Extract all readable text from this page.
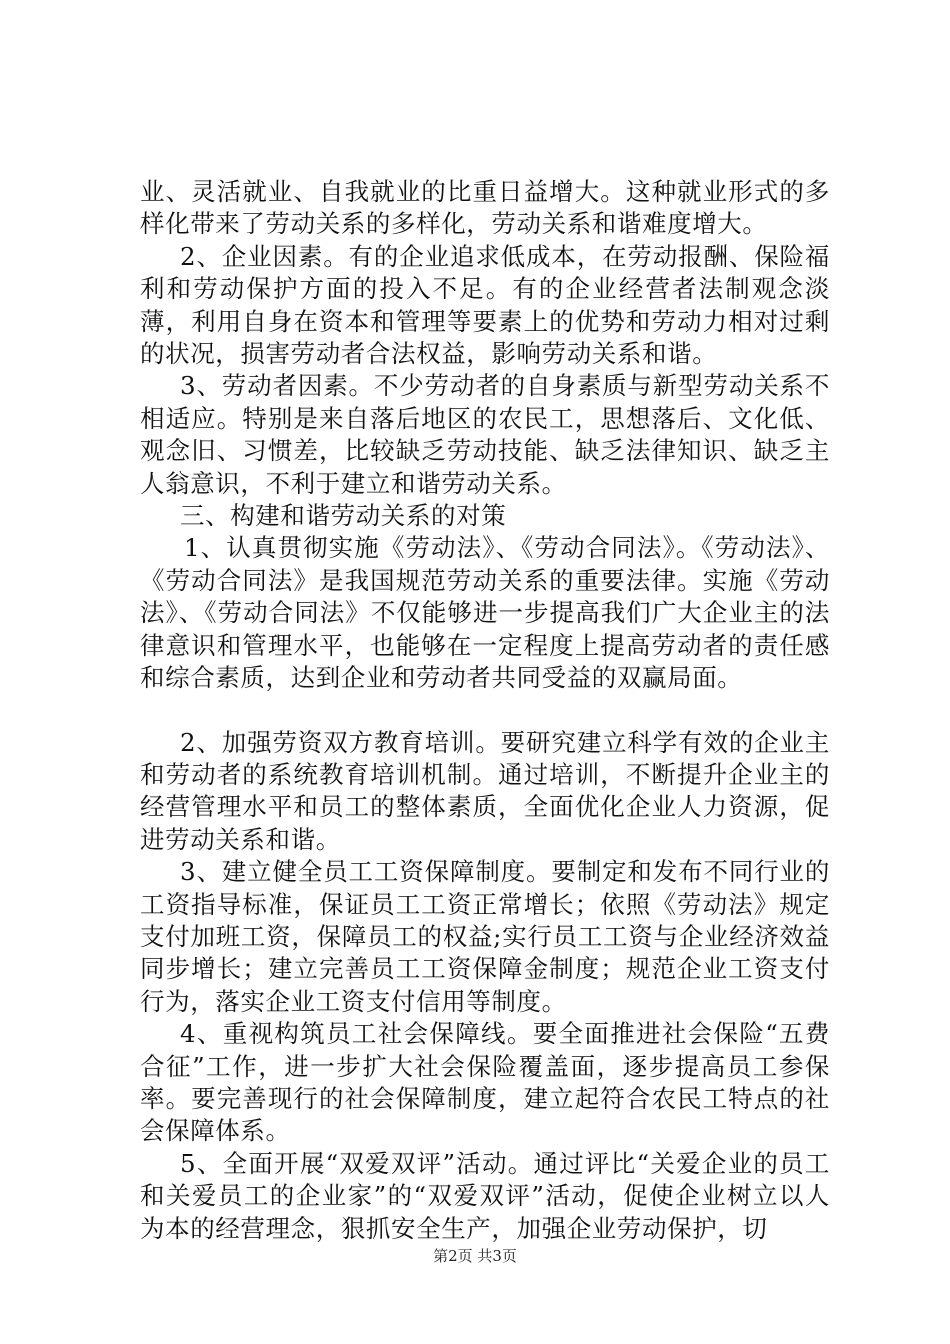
业、灵活就业、自我就业的比重日益增大。这种就业形式的多样化带来了劳动关系的多样化，劳动关系和谐难度增大。

2、企业因素。有的企业追求低成本，在劳动报酬、保险福利和劳动保护方面的投入不足。有的企业经营者法制观念淡薄，利用自身在资本和管理等要素上的优势和劳动力相对过剩的状况，损害劳动者合法权益，影响劳动关系和谐。

3、劳动者因素。不少劳动者的自身素质与新型劳动关系不相适应。特别是来自落后地区的农民工，思想落后、文化低、观念旧、习惯差，比较缺乏劳动技能、缺乏法律知识、缺乏主人翁意识，不利于建立和谐劳动关系。

三、构建和谐劳动关系的对策

1、认真贯彻实施《劳动法》、《劳动合同法》。《劳动法》、《劳动合同法》是我国规范劳动关系的重要法律。实施《劳动法》、《劳动合同法》不仅能够进一步提高我们广大企业主的法律意识和管理水平，也能够在一定程度上提高劳动者的责任感和综合素质，达到企业和劳动者共同受益的双赢局面。

2、加强劳资双方教育培训。要研究建立科学有效的企业主和劳动者的系统教育培训机制。通过培训，不断提升企业主的经营管理水平和员工的整体素质，全面优化企业人力资源，促进劳动关系和谐。

3、建立健全员工工资保障制度。要制定和发布不同行业的工资指导标准，保证员工工资正常增长；依照《劳动法》规定支付加班工资，保障员工的权益;实行员工工资与企业经济效益同步增长；建立完善员工工资保障金制度；规范企业工资支付行为，落实企业工资支付信用等制度。

4、重视构筑员工社会保障线。要全面推进社会保险“五费合征”工作，进一步扩大社会保险覆盖面，逐步提高员工参保率。要完善现行的社会保障制度，建立起符合农民工特点的社会保障体系。

5、全面开展“双爱双评”活动。通过评比“关爱企业的员工和关爱员工的企业家”的“双爱双评”活动，促使企业树立以人为本的经营理念，狠抓安全生产，加强企业劳动保护，切

第2页 共3页
